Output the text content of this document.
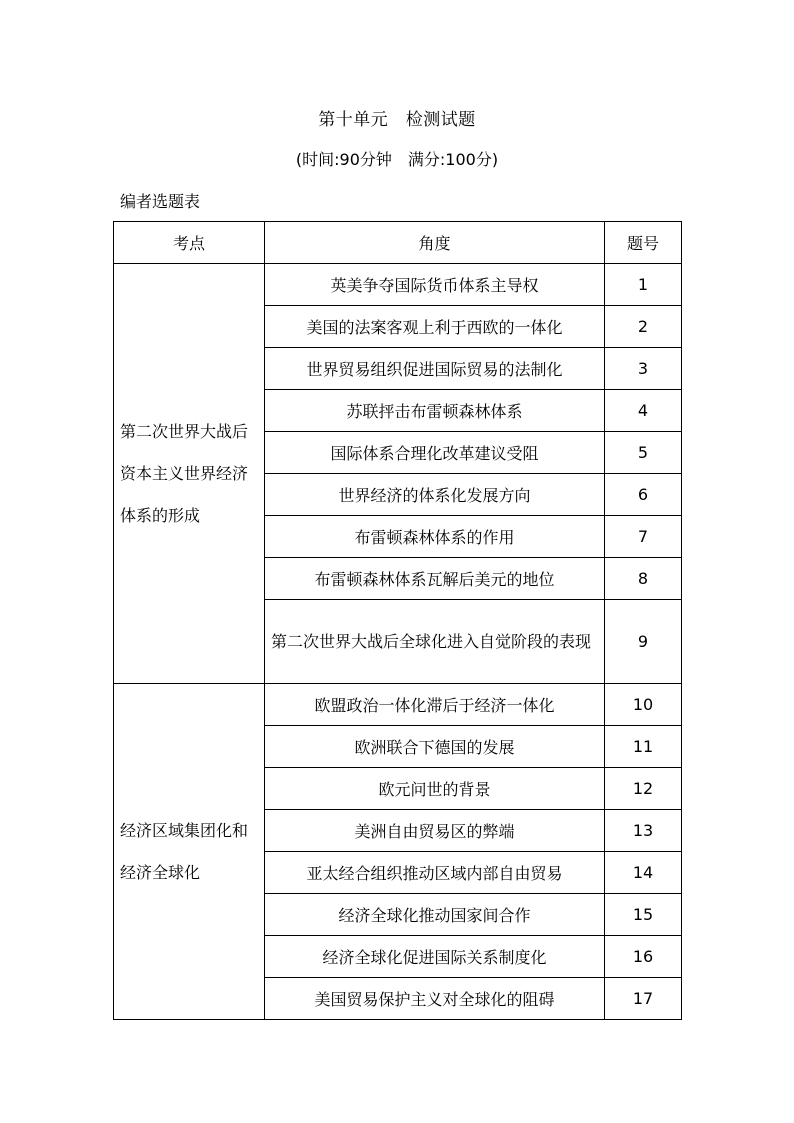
第十单元　检测试题
(时间:90分钟　满分:100分)
编者选题表
考点	角度	题号
第二次世界大战后资本主义世界经济体系的形成	英美争夺国际货币体系主导权	1
	美国的法案客观上利于西欧的一体化	2
	世界贸易组织促进国际贸易的法制化	3
	苏联抨击布雷顿森林体系	4
	国际体系合理化改革建议受阻	5
	世界经济的体系化发展方向	6
	布雷顿森林体系的作用	7
	布雷顿森林体系瓦解后美元的地位	8
	第二次世界大战后全球化进入自觉阶段的表现	9
经济区域集团化和经济全球化	欧盟政治一体化滞后于经济一体化	10
	欧洲联合下德国的发展	11
	欧元问世的背景	12
	美洲自由贸易区的弊端	13
	亚太经合组织推动区域内部自由贸易	14
	经济全球化推动国家间合作	15
	经济全球化促进国际关系制度化	16
	美国贸易保护主义对全球化的阻碍	17
